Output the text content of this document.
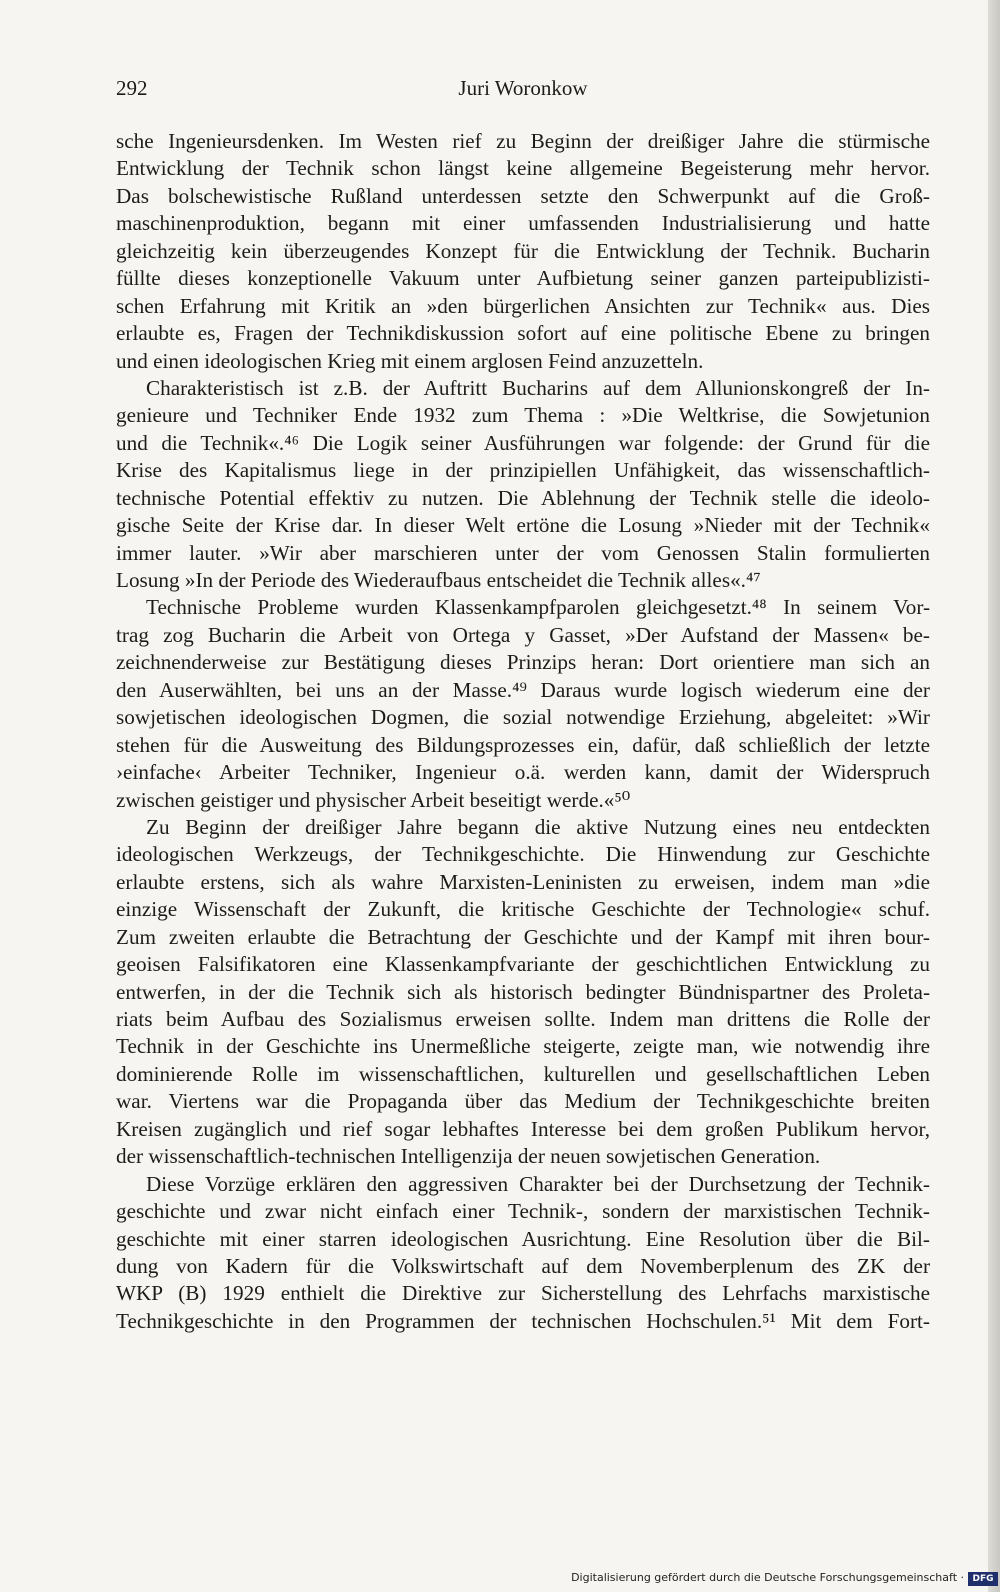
292	Juri Woronkow
sche Ingenieursdenken. Im Westen rief zu Beginn der dreißiger Jahre die stürmische
Entwicklung der Technik schon längst keine allgemeine Begeisterung mehr hervor.
Das bolschewistische Rußland unterdessen setzte den Schwerpunkt auf die Groß-
maschinenproduktion, begann mit einer umfassenden Industrialisierung und hatte
gleichzeitig kein überzeugendes Konzept für die Entwicklung der Technik. Bucharin
füllte dieses konzeptionelle Vakuum unter Aufbietung seiner ganzen parteipublizisti-
schen Erfahrung mit Kritik an »den bürgerlichen Ansichten zur Technik« aus. Dies
erlaubte es, Fragen der Technikdiskussion sofort auf eine politische Ebene zu bringen
und einen ideologischen Krieg mit einem arglosen Feind anzuzetteln.
Charakteristisch ist z.B. der Auftritt Bucharins auf dem Allunionskongreß der In-
genieure und Techniker Ende 1932 zum Thema : »Die Weltkrise, die Sowjetunion
und die Technik«.⁴⁶ Die Logik seiner Ausführungen war folgende: der Grund für die
Krise des Kapitalismus liege in der prinzipiellen Unfähigkeit, das wissenschaftlich-
technische Potential effektiv zu nutzen. Die Ablehnung der Technik stelle die ideolo-
gische Seite der Krise dar. In dieser Welt ertöne die Losung »Nieder mit der Technik«
immer lauter. »Wir aber marschieren unter der vom Genossen Stalin formulierten
Losung »In der Periode des Wiederaufbaus entscheidet die Technik alles«.⁴⁷
Technische Probleme wurden Klassenkampfparolen gleichgesetzt.⁴⁸ In seinem Vor-
trag zog Bucharin die Arbeit von Ortega y Gasset, »Der Aufstand der Massen« be-
zeichnenderweise zur Bestätigung dieses Prinzips heran: Dort orientiere man sich an
den Auserwählten, bei uns an der Masse.⁴⁹ Daraus wurde logisch wiederum eine der
sowjetischen ideologischen Dogmen, die sozial notwendige Erziehung, abgeleitet: »Wir
stehen für die Ausweitung des Bildungsprozesses ein, dafür, daß schließlich der letzte
›einfache‹ Arbeiter Techniker, Ingenieur o.ä. werden kann, damit der Widerspruch
zwischen geistiger und physischer Arbeit beseitigt werde.«⁵⁰
Zu Beginn der dreißiger Jahre begann die aktive Nutzung eines neu entdeckten
ideologischen Werkzeugs, der Technikgeschichte. Die Hinwendung zur Geschichte
erlaubte erstens, sich als wahre Marxisten-Leninisten zu erweisen, indem man »die
einzige Wissenschaft der Zukunft, die kritische Geschichte der Technologie« schuf.
Zum zweiten erlaubte die Betrachtung der Geschichte und der Kampf mit ihren bour-
geoisen Falsifikatoren eine Klassenkampfvariante der geschichtlichen Entwicklung zu
entwerfen, in der die Technik sich als historisch bedingter Bündnispartner des Proleta-
riats beim Aufbau des Sozialismus erweisen sollte. Indem man drittens die Rolle der
Technik in der Geschichte ins Unermeßliche steigerte, zeigte man, wie notwendig ihre
dominierende Rolle im wissenschaftlichen, kulturellen und gesellschaftlichen Leben
war. Viertens war die Propaganda über das Medium der Technikgeschichte breiten
Kreisen zugänglich und rief sogar lebhaftes Interesse bei dem großen Publikum hervor,
der wissenschaftlich-technischen Intelligenzija der neuen sowjetischen Generation.
Diese Vorzüge erklären den aggressiven Charakter bei der Durchsetzung der Technik-
geschichte und zwar nicht einfach einer Technik-, sondern der marxistischen Technik-
geschichte mit einer starren ideologischen Ausrichtung. Eine Resolution über die Bil-
dung von Kadern für die Volkswirtschaft auf dem Novemberplenum des ZK der
WKP (B) 1929 enthielt die Direktive zur Sicherstellung des Lehrfachs marxistische
Technikgeschichte in den Programmen der technischen Hochschulen.⁵¹ Mit dem Fort-
Digitalisierung gefördert durch die Deutsche Forschungsgemeinschaft · DFG
